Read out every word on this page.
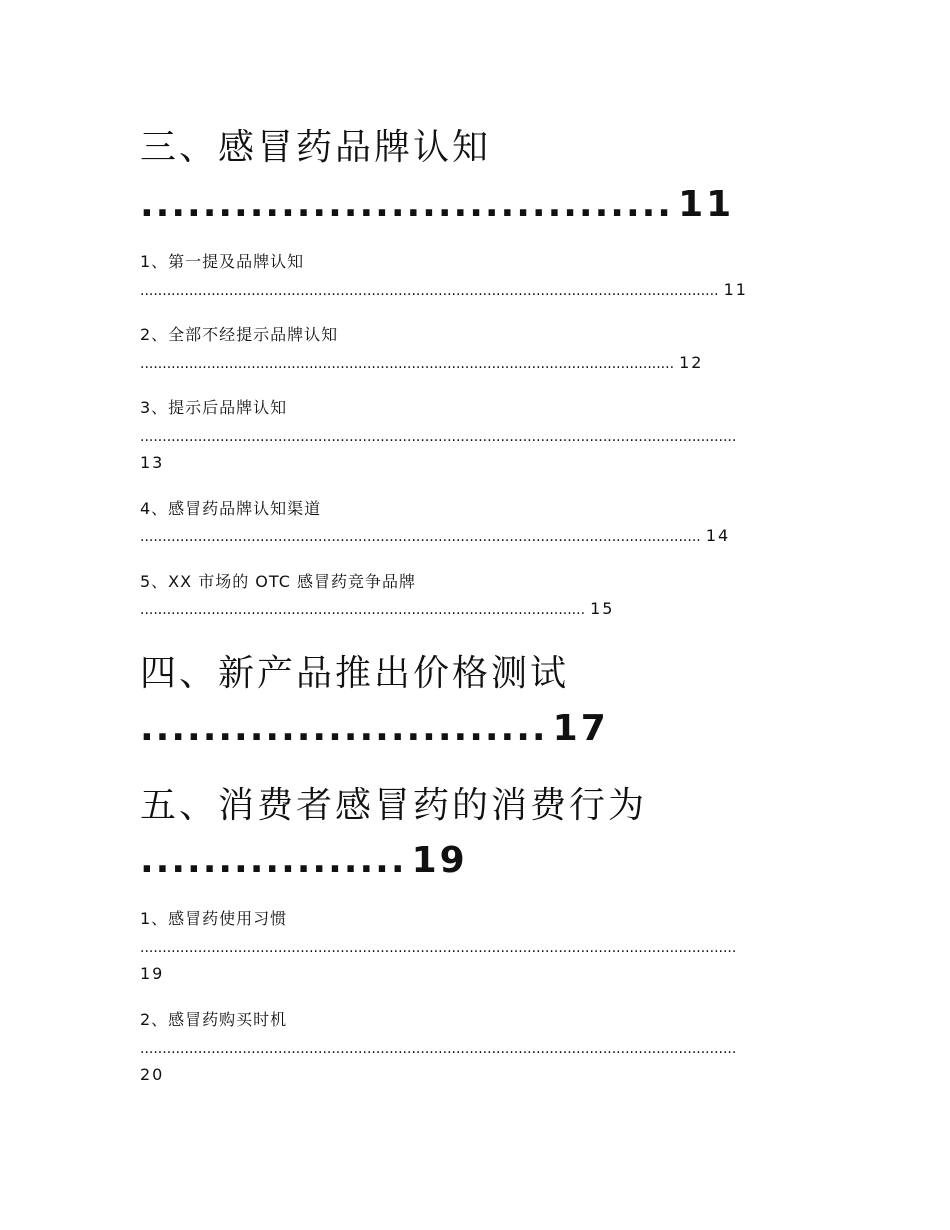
三、感冒药品牌认知
.................................. 11
1、第一提及品牌认知
.................................................................................................................................. 11
2、全部不经提示品牌认知
........................................................................................................................ 12
3、提示后品牌认知
......................................................................................................................................
13
4、感冒药品牌认知渠道
.............................................................................................................................. 14
5、XX 市场的 OTC 感冒药竞争品牌
.................................................................................................... 15
四、新产品推出价格测试
.......................... 17
五、消费者感冒药的消费行为
................. 19
1、感冒药使用习惯
......................................................................................................................................
19
2、感冒药购买时机
......................................................................................................................................
20
